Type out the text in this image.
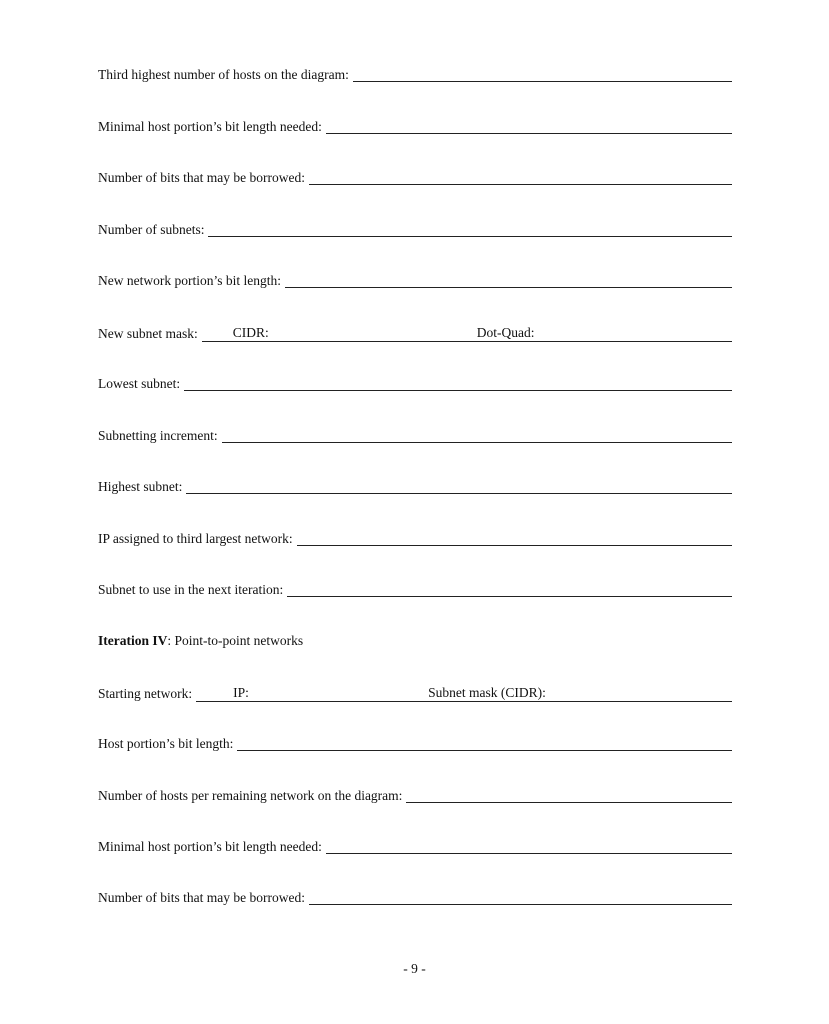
Third highest number of hosts on the diagram:
Minimal host portion’s bit length needed:
Number of bits that may be borrowed:
Number of subnets:
New network portion’s bit length:
New subnet mask:	CIDR:	Dot-Quad:
Lowest subnet:
Subnetting increment:
Highest subnet:
IP assigned to third largest network:
Subnet to use in the next iteration:
Iteration IV: Point-to-point networks
Starting network:	IP:	Subnet mask (CIDR):
Host portion’s bit length:
Number of hosts per remaining network on the diagram:
Minimal host portion’s bit length needed:
Number of bits that may be borrowed:
- 9 -
